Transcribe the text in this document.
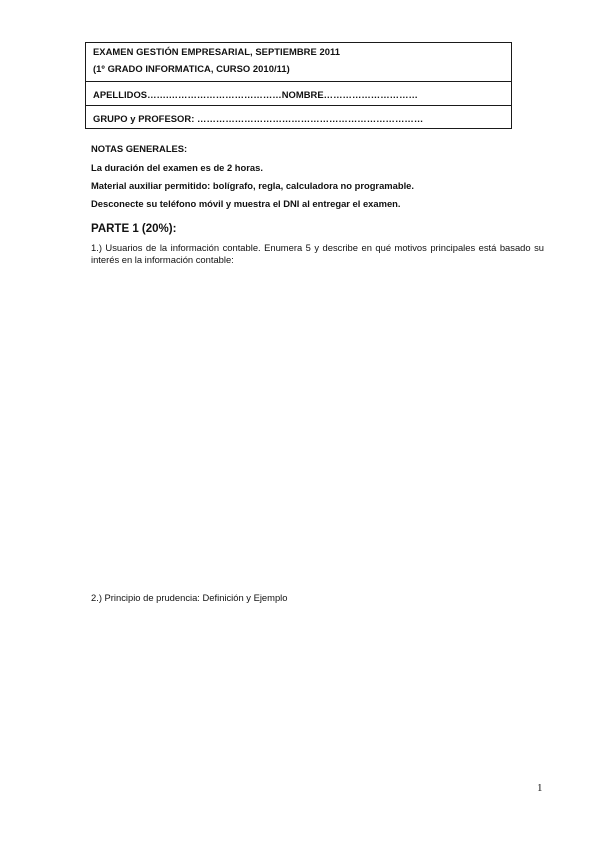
EXAMEN GESTIÓN EMPRESARIAL, SEPTIEMBRE 2011
(1º GRADO INFORMATICA, CURSO 2010/11)
APELLIDOS…….………………………………NOMBRE…………………………
GRUPO y PROFESOR: ………………………………………………………………
NOTAS GENERALES:
La duración del examen es de 2 horas.
Material auxiliar permitido: bolígrafo, regla, calculadora no programable.
Desconecte su teléfono móvil y muestra el DNI al entregar el examen.
PARTE 1 (20%):
1.) Usuarios de la información contable. Enumera 5 y describe en qué motivos principales está basado su interés en la información contable:
2.) Principio de prudencia: Definición y Ejemplo
1
